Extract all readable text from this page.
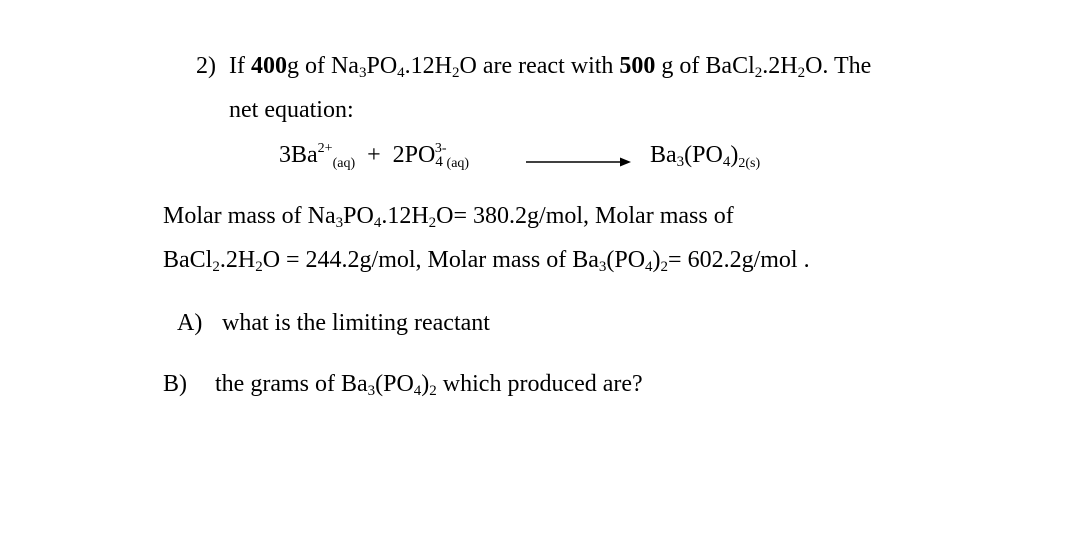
2) If 400g of $Na_3PO_4.12H_2O$ are react with 500 g of $BaCl_2.2H_2O$. The
net equation:
$3Ba^{2+}_{(aq)} + 2PO_4^{3-}_{(aq)}$	$Ba_3(PO_4)_{2(s)}$
Molar mass of $Na_3PO_4.12H_2O= 380.2g/mol$, Molar mass of
$BaCl_2.2H_2O = 244.2g/mol$, Molar mass of $Ba_3(PO_4)_2= 602.2g/mol$ .
A) what is the limiting reactant
B) the grams of $Ba_3(PO_4)_2$ which produced are?
